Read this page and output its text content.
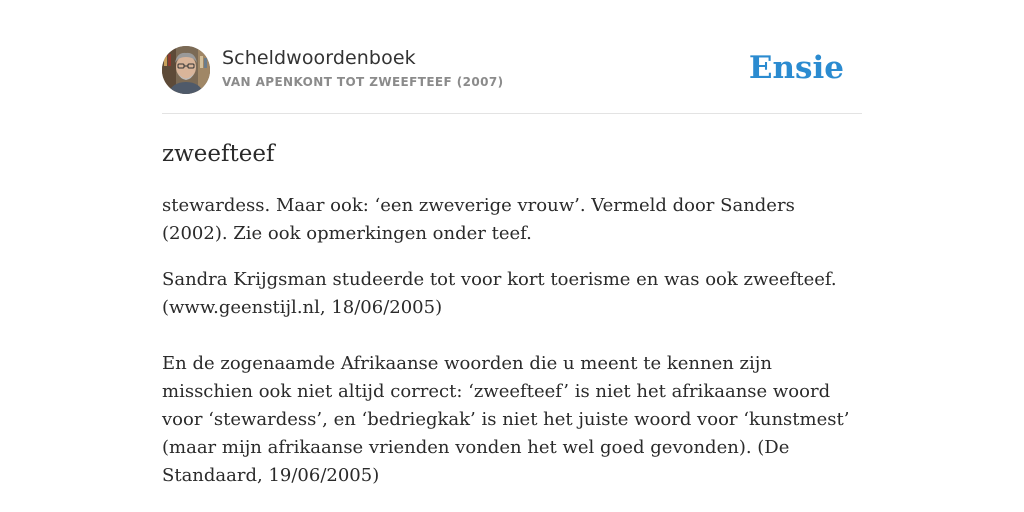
Scheldwoordenboek
VAN APENKONT TOT ZWEEFTEEF (2007)	Ensie
zweefteef

stewardess. Maar ook: ‘een zweverige vrouw’. Vermeld door Sanders (2002). Zie ook opmerkingen onder teef.

Sandra Krijgsman studeerde tot voor kort toerisme en was ook zweefteef. (www.geenstijl.nl, 18/06/2005)

En de zogenaamde Afrikaanse woorden die u meent te kennen zijn misschien ook niet altijd correct: ‘zweefteef’ is niet het afrikaanse woord voor ‘stewardess’, en ‘bedriegkak’ is niet het juiste woord voor ‘kunstmest’ (maar mijn afrikaanse vrienden vonden het wel goed gevonden). (De Standaard, 19/06/2005)
